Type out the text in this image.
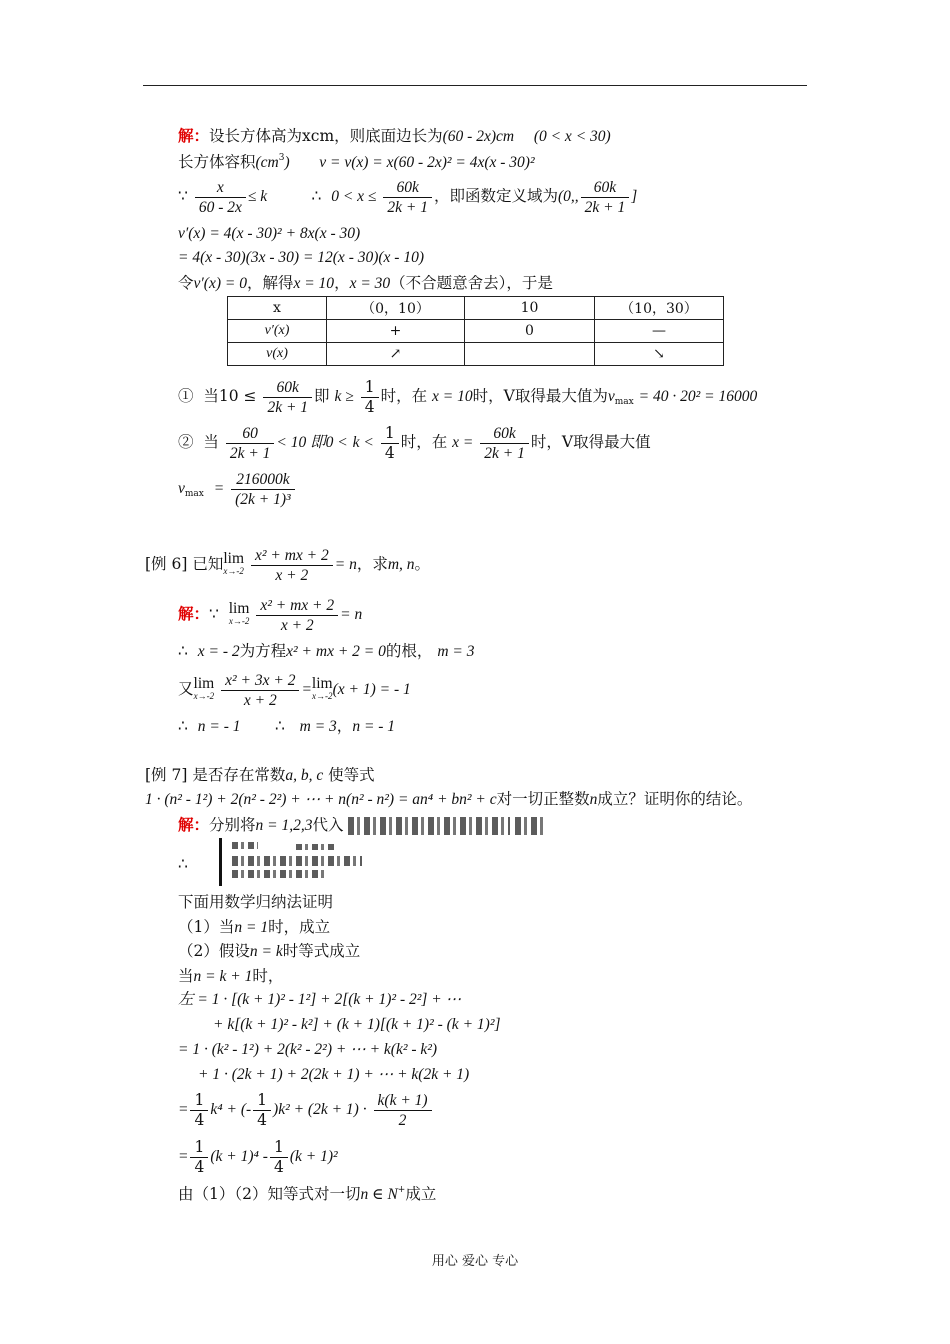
解：设长方体高为xcm，则底面边长为(60 - 2x)cm (0 < x < 30)
长方体容积$(cm^3) v = v(x) = x(60 - 2x)^2 = 4x(x - 30)^2$
∵ $\frac{x}{60 - 2x} \le k$	∴ $0 < x \le \frac{60k}{2k + 1}$ ，即函数定义域为(0,, $\frac{60k}{2k + 1}$ ]
v′(x) = 4(x - 30)² + 8x(x - 30)
= 4(x - 30)(3x - 30) = 12(x - 30)(x - 10)
令v′(x) = 0，解得x = 10，x = 30（不合题意舍去），于是
x	（0，10）	10	（10，30）
v′(x)	+	0	—
v(x)	↗		↘
① 当$10 \le \frac{60k}{2k + 1}$ 即 $k \ge \frac{1}{4}$ 时，在 x = 10时，V取得最大值为$v_{max} = 40 \cdot 20^2 = 16000$
② 当 $\frac{60}{2k + 1} < 10$ 即$0 < k < \frac{1}{4}$ 时，在 $x = \frac{60k}{2k + 1}$ 时，V取得最大值
$v_{max} = \frac{216000k}{\text{(2k + 1)³}}$
[例 6] 已知lim
x→-2
$\frac{\text{x² + mx + 2}}{x + 2} = n$，求m, n。
解：∵ lim
x→-2
$\frac{\text{x² + mx + 2}}{x + 2} = n$
∴ x = - 2为方程x² + mx + 2 = 0的根， m = 3
又lim
x→-2
$\frac{\text{x² + 3x + 2}}{x + 2} =\lim$
x→-2 (x + 1) = - 1
∴ n = - 1 ∴ m = 3，n = - 1
[例 7] 是否存在常数a, b, c 使等式
1 · (n² - 1²) + 2(n² - 2²) + ⋯ + n(n² - n²) = an⁴ + bn² + c对一切正整数n成立？证明你的结论。
解：分别将n = 1,2,3代入
∴
下面用数学归纳法证明
（1）当n = 1时，成立
（2）假设n = k时等式成立
当n = k + 1时，
左 = 1 · [(k + 1)² - 1²] + 2[(k + 1)² - 2²] + ⋯
+ k[(k + 1)² - k²] + (k + 1)[(k + 1)² - (k + 1)²]
= 1 · (k² - 1²) + 2(k² - 2²) + ⋯ + k(k² - k²)
+ 1 · (2k + 1) + 2(2k + 1) + ⋯ + k(2k + 1)
= $\frac{1}{4} k^4$ + (- $\frac{1}{4} )k^2 + (2k + 1) \cdot \frac{k(k + 1)}{2}$
= $\frac{1}{4} (k + 1)^4 - \frac{1}{4} (k + 1)^2$
由（1）（2）知等式对一切n ∈ N+成立
用心 爱心 专心
